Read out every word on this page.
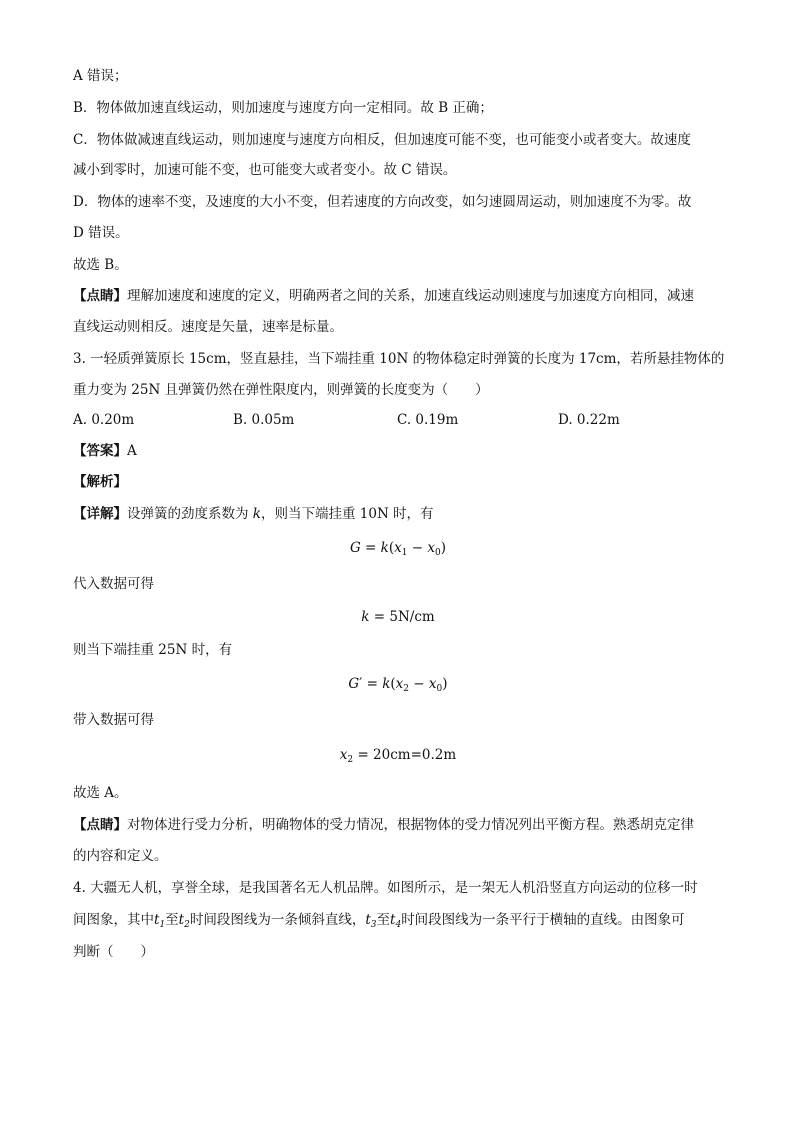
A 错误；
B．物体做加速直线运动，则加速度与速度方向一定相同。故 B 正确；
C．物体做减速直线运动，则加速度与速度方向相反，但加速度可能不变，也可能变小或者变大。故速度
减小到零时，加速可能不变，也可能变大或者变小。故 C 错误。
D．物体的速率不变，及速度的大小不变，但若速度的方向改变，如匀速圆周运动，则加速度不为零。故
D 错误。
故选 B。
【点睛】理解加速度和速度的定义，明确两者之间的关系，加速直线运动则速度与加速度方向相同，减速
直线运动则相反。速度是矢量，速率是标量。
3. 一轻质弹簧原长 15cm，竖直悬挂，当下端挂重 10N 的物体稳定时弹簧的长度为 17cm，若所悬挂物体的
重力变为 25N 且弹簧仍然在弹性限度内，则弹簧的长度变为（　　）
A. 0.20m	B. 0.05m	C. 0.19m	D. 0.22m
【答案】A
【解析】
【详解】设弹簧的劲度系数为 k，则当下端挂重 10N 时，有
$G = k(x_1 - x_0)$
代入数据可得
k = 5N/cm
则当下端挂重 25N 时，有
$G' = k(x_2 - x_0)$
带入数据可得
$x_2 = 20cm=0.2m$
故选 A。
【点睛】对物体进行受力分析，明确物体的受力情况，根据物体的受力情况列出平衡方程。熟悉胡克定律
的内容和定义。
4. 大疆无人机，享誉全球，是我国著名无人机品牌。如图所示，是一架无人机沿竖直方向运动的位移一时
间图象，其中$t_1$至$t_2$时间段图线为一条倾斜直线，$t_3$至$t_4$时间段图线为一条平行于横轴的直线。由图象可
判断（　　）
